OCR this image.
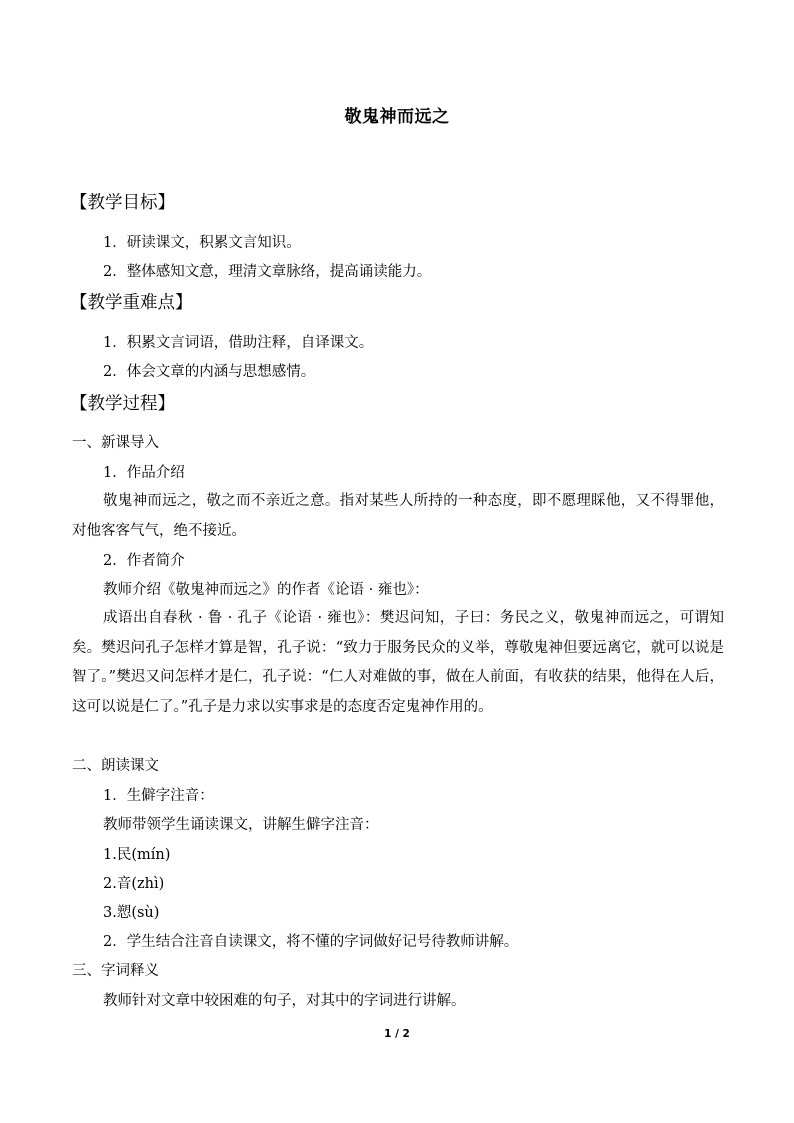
敬鬼神而远之
【教学目标】
1．研读课文，积累文言知识。
2．整体感知文意，理清文章脉络，提高诵读能力。
【教学重难点】
1．积累文言词语，借助注释，自译课文。
2．体会文章的内涵与思想感情。
【教学过程】
一、新课导入
1．作品介绍
敬鬼神而远之，敬之而不亲近之意。指对某些人所持的一种态度，即不愿理睬他，又不得罪他，对他客客气气，绝不接近。
2．作者简介
教师介绍《敬鬼神而远之》的作者《论语 · 雍也》：
成语出自春秋 · 鲁 · 孔子《论语 · 雍也》：樊迟问知，子曰：务民之义，敬鬼神而远之，可谓知矣。樊迟问孔子怎样才算是智，孔子说：“致力于服务民众的义举，尊敬鬼神但要远离它，就可以说是智了。”樊迟又问怎样才是仁，孔子说：“仁人对难做的事，做在人前面，有收获的结果，他得在人后，这可以说是仁了。”孔子是力求以实事求是的态度否定鬼神作用的。
二、朗读课文
1．生僻字注音：
教师带领学生诵读课文，讲解生僻字注音：
1.民(mín)
2.音(zhì)
3.愬(sù)
2．学生结合注音自读课文，将不懂的字词做好记号待教师讲解。
三、字词释义
教师针对文章中较困难的句子，对其中的字词进行讲解。
1 / 2
